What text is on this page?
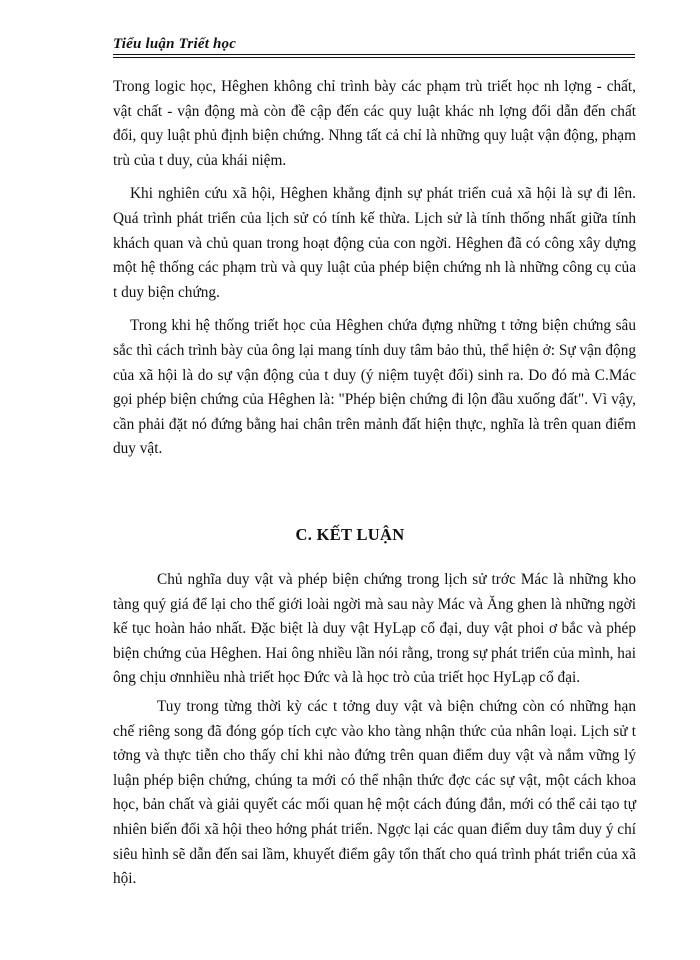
Tiểu luận Triết học

Trong logic học, Hêghen không chỉ trình bày các phạm trù triết học nh lợng - chất, vật chất - vận động mà còn đề cập đến các quy luật khác nh lợng đổi dẫn đến chất đổi, quy luật phủ định biện chứng. Nhng tất cả chỉ là những quy luật vận động, phạm trù của t duy, của khái niệm.

Khi nghiên cứu xã hội, Hêghen khẳng định sự phát triển cuả xã hội là sự đi lên. Quá trình phát triển của lịch sử có tính kế thừa. Lịch sử là tính thống nhất giữa tính khách quan và chủ quan trong hoạt động của con ngời. Hêghen đã có công xây dựng một hệ thống các phạm trù và quy luật của phép biện chứng nh là những công cụ của t duy biện chứng.

Trong khi hệ thống triết học của Hêghen chứa đựng những t tởng biện chứng sâu sắc thì cách trình bày của ông lại mang tính duy tâm bảo thủ, thể hiện ở: Sự vận động của xã hội là do sự vận động của t duy (ý niệm tuyệt đối) sinh ra. Do đó mà C.Mác gọi phép biện chứng của Hêghen là: "Phép biện chứng đi lộn đầu xuống đất". Vì vậy, cần phải đặt nó đứng bằng hai chân trên mảnh đất hiện thực, nghĩa là trên quan điểm duy vật.

C. KẾT LUẬN

Chủ nghĩa duy vật và phép biện chứng trong lịch sử trớc Mác là những kho tàng quý giá để lại cho thế giới loài ngời mà sau này Mác và Ăng ghen là những ngời kế tục hoàn hảo nhất. Đặc biệt là duy vật HyLạp cổ đại, duy vật phoi ơ bắc và phép biện chứng của Hêghen. Hai ông nhiều lần nói rằng, trong sự phát triển của mình, hai ông chịu ơnnhiều nhà triết học Đức và là học trò của triết học HyLạp cổ đại.

Tuy trong từng thời kỳ các t tởng duy vật và biện chứng còn có những hạn chế riêng song đã đóng góp tích cực vào kho tàng nhận thức của nhân loại. Lịch sử t tởng và thực tiễn cho thấy chỉ khi nào đứng trên quan điểm duy vật và nắm vững lý luận phép biện chứng, chúng ta mới có thể nhận thức đợc các sự vật, một cách khoa học, bản chất và giải quyết các mối quan hệ một cách đúng đắn, mới có thể cải tạo tự nhiên biến đổi xã hội theo hớng phát triển. Ngợc lại các quan điểm duy tâm duy ý chí siêu hình sẽ dẫn đến sai lầm, khuyết điểm gây tổn thất cho quá trình phát triển của xã hội.
